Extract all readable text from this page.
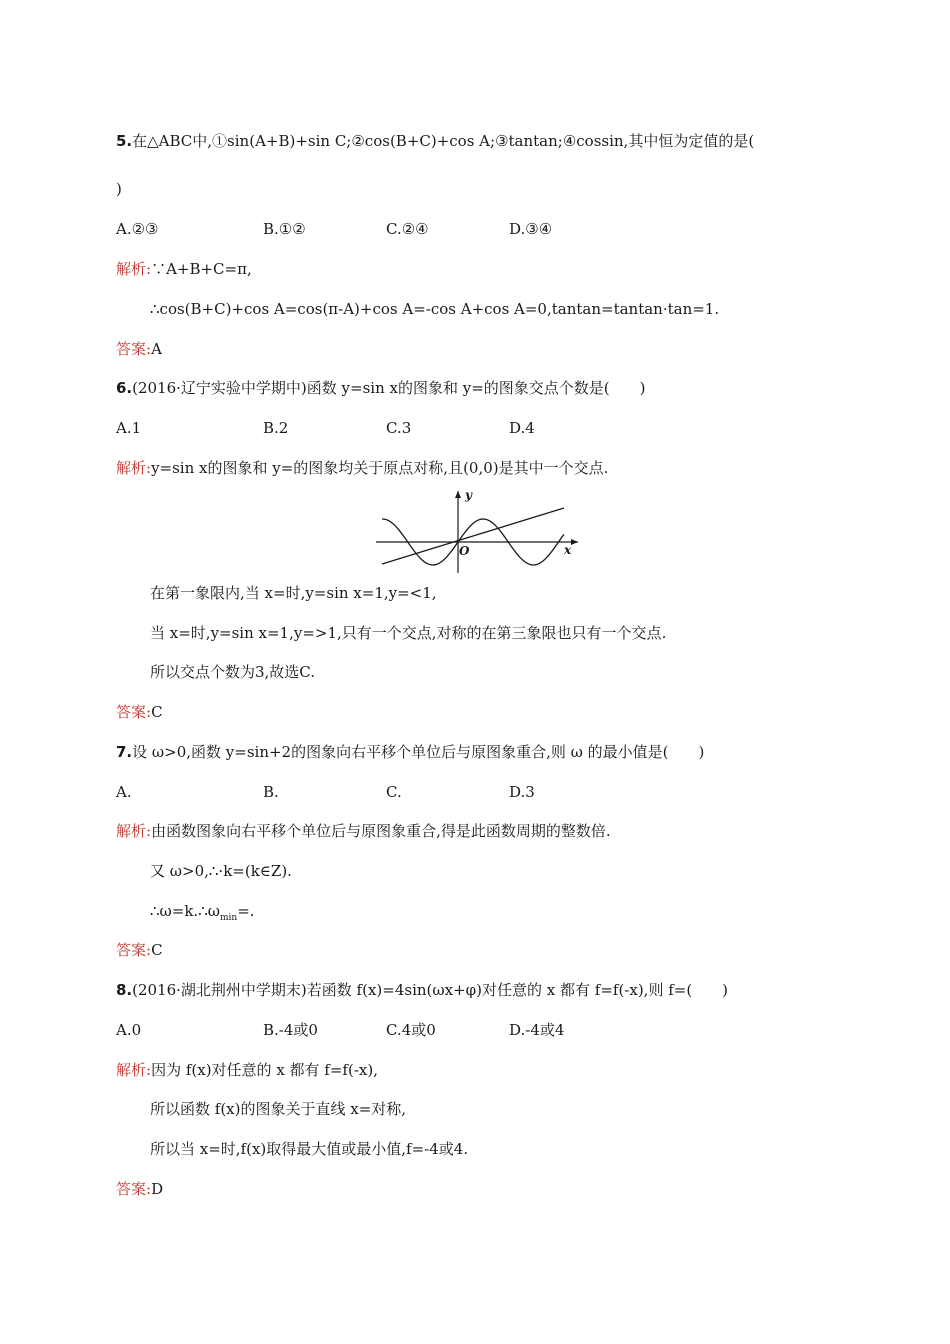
5.在△ABC中,①sin(A+B)+sin C;②cos(B+C)+cos A;③tantan;④cossin,其中恒为定值的是(
)
A.②③	B.①②	C.②④	D.③④
解析:∵A+B+C=π,
∴cos(B+C)+cos A=cos(π-A)+cos A=-cos A+cos A=0,tantan=tantan·tan=1.
答案:A
6.(2016·辽宁实验中学期中)函数 y=sin x的图象和 y=的图象交点个数是(　　)
A.1	B.2	C.3	D.4
解析:y=sin x的图象和 y=的图象均关于原点对称,且(0,0)是其中一个交点.
y
x
O
在第一象限内,当 x=时,y=sin x=1,y=<1,
当 x=时,y=sin x=1,y=>1,只有一个交点,对称的在第三象限也只有一个交点.
所以交点个数为3,故选C.
答案:C
7.设 ω>0,函数 y=sin+2的图象向右平移个单位后与原图象重合,则 ω 的最小值是(　　)
A.	B.	C.	D.3
解析:由函数图象向右平移个单位后与原图象重合,得是此函数周期的整数倍.
又 ω>0,∴·k=(k∈Z).
$\therefore\omega=k.\therefore\omega_{min}=$.
答案:C
8.(2016·湖北荆州中学期末)若函数 f(x)=4sin(ωx+φ)对任意的 x 都有 f=f(-x),则 f=(　　)
A.0	B.-4或0	C.4或0	D.-4或4
解析:因为 f(x)对任意的 x 都有 f=f(-x),
所以函数 f(x)的图象关于直线 x=对称,
所以当 x=时,f(x)取得最大值或最小值,f=-4或4.
答案:D
